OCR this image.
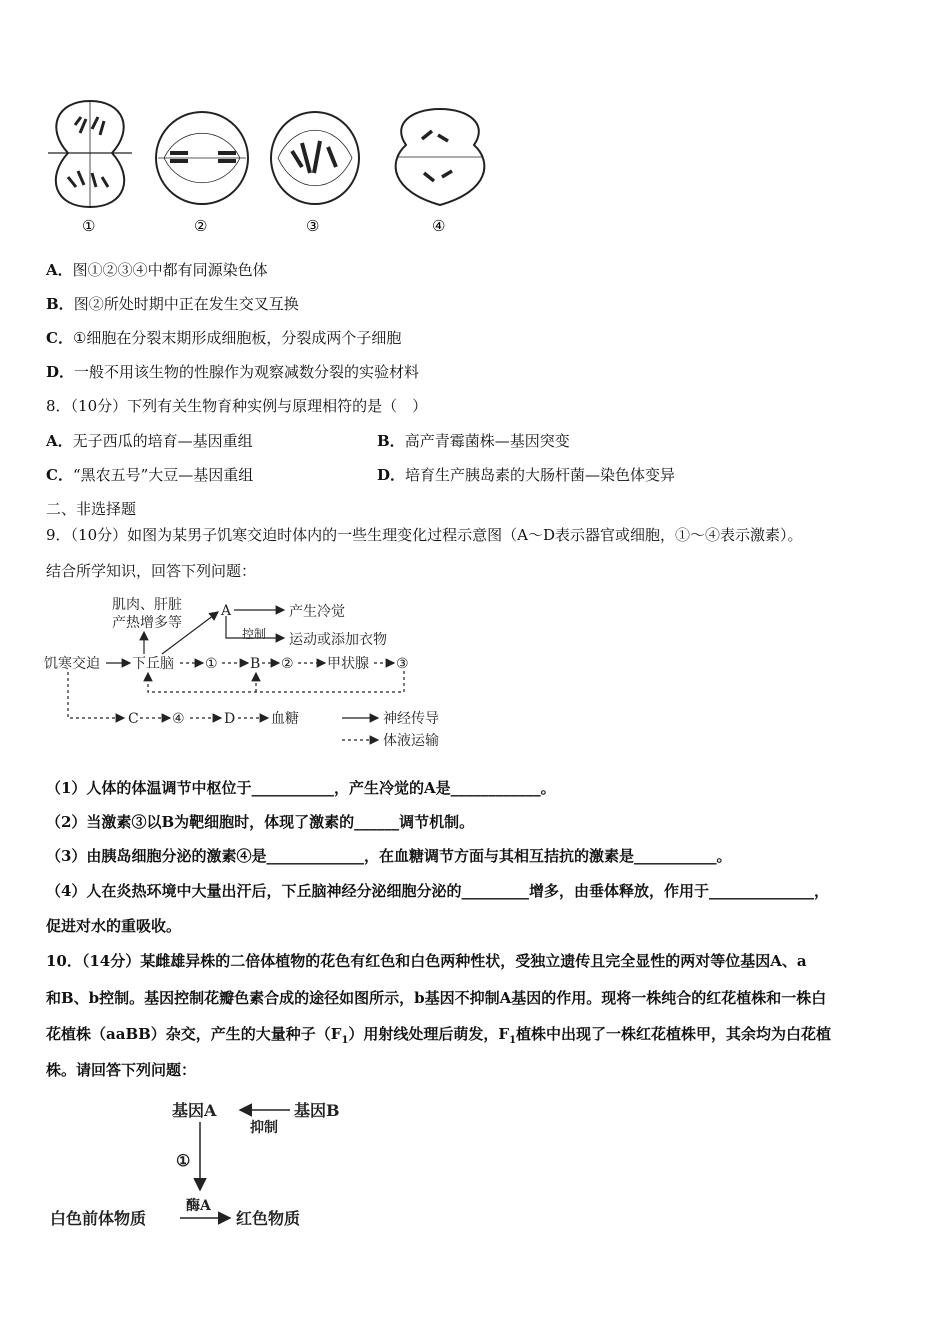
①	②	③	④
A．图①②③④中都有同源染色体
B．图②所处时期中正在发生交叉互换
C．①细胞在分裂末期形成细胞板，分裂成两个子细胞
D．一般不用该生物的性腺作为观察减数分裂的实验材料
8．（10分）下列有关生物育种实例与原理相符的是（　）
A．无子西瓜的培育—基因重组	B．高产青霉菌株—基因突变
C．“黑农五号”大豆—基因重组	D．培育生产胰岛素的大肠杆菌—染色体变异
二、非选择题
9．（10分）如图为某男子饥寒交迫时体内的一些生理变化过程示意图（A～D表示器官或细胞，①～④表示激素）。
结合所学知识，回答下列问题：
肌肉、肝脏
产热增多等
A	产生冷觉
控制 运动或添加衣物
饥寒交迫 下丘脑 ① B ② 甲状腺 ③
C ④	D	血糖	神经传导
体液运输
（1）人体的体温调节中枢位于___________，产生冷觉的A是____________。
（2）当激素③以B为靶细胞时，体现了激素的______调节机制。
（3）由胰岛细胞分泌的激素④是_____________，在血糖调节方面与其相互拮抗的激素是___________。
（4）人在炎热环境中大量出汗后，下丘脑神经分泌细胞分泌的_________增多，由垂体释放，作用于______________，
促进对水的重吸收。
10．（14分）某雌雄异株的二倍体植物的花色有红色和白色两种性状，受独立遗传且完全显性的两对等位基因A、a
和B、b控制。基因控制花瓣色素合成的途径如图所示，b基因不抑制A基因的作用。现将一株纯合的红花植株和一株白
花植株（aaBB）杂交，产生的大量种子$(F_1)$用射线处理后萌发，$F_1$植株中出现了一株红花植株甲，其余均为白花植
株。请回答下列问题：
基因A	基因B
抑制
①
酶A
白色前体物质	红色物质
